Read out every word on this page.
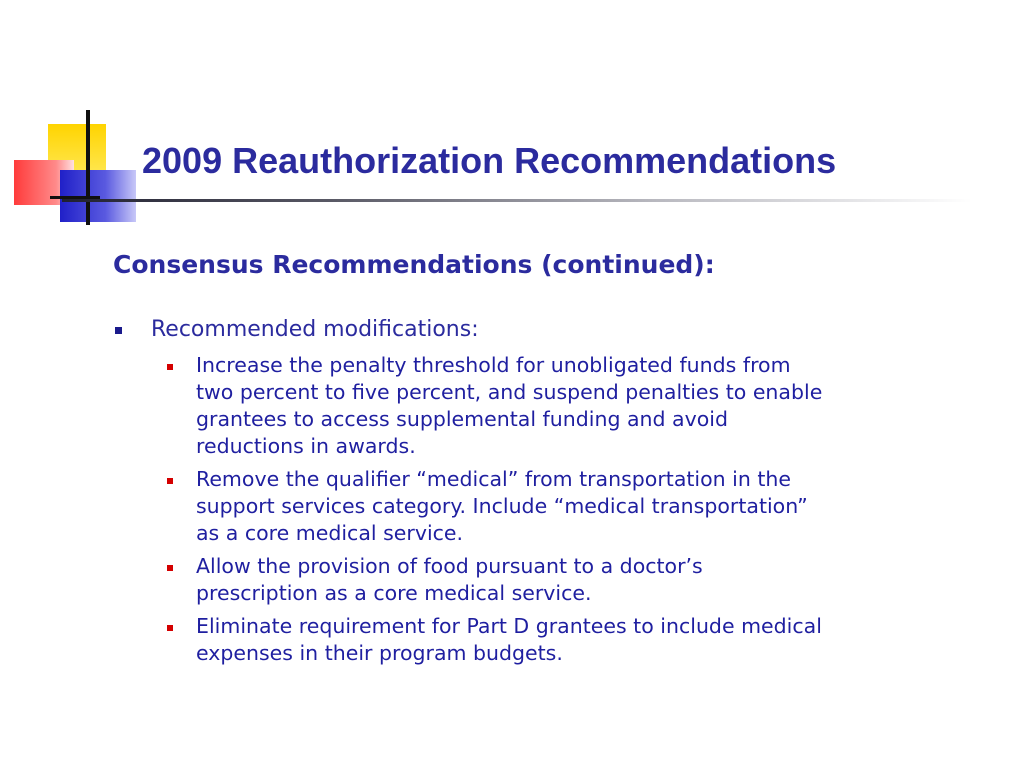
2009 Reauthorization Recommendations
Consensus Recommendations (continued):
Recommended modifications:
Increase the penalty threshold for unobligated funds from
two percent to five percent, and suspend penalties to enable
grantees to access supplemental funding and avoid
reductions in awards.
Remove the qualifier “medical” from transportation in the
support services category. Include “medical transportation”
as a core medical service.
Allow the provision of food pursuant to a doctor’s
prescription as a core medical service.
Eliminate requirement for Part D grantees to include medical
expenses in their program budgets.
